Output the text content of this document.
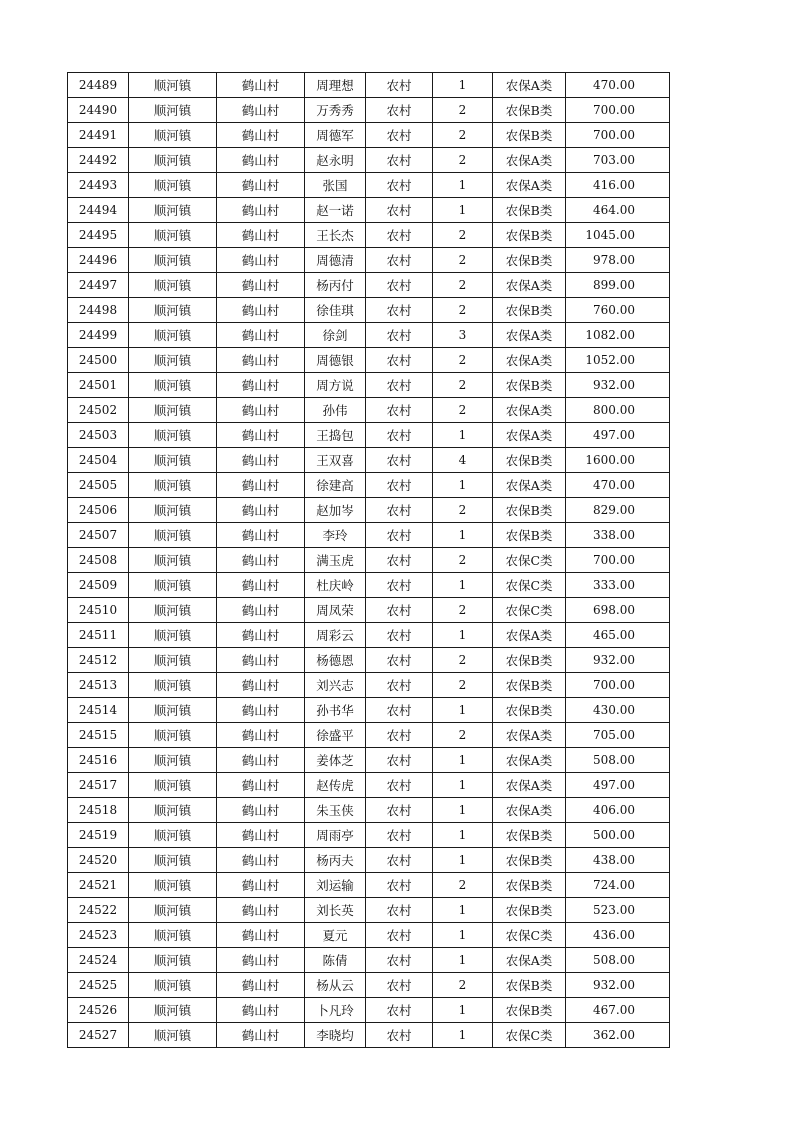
24489	顺河镇	鹤山村	周理想	农村	1	农保A类	470.00
24490	顺河镇	鹤山村	万秀秀	农村	2	农保B类	700.00
24491	顺河镇	鹤山村	周德军	农村	2	农保B类	700.00
24492	顺河镇	鹤山村	赵永明	农村	2	农保A类	703.00
24493	顺河镇	鹤山村	张国	农村	1	农保A类	416.00
24494	顺河镇	鹤山村	赵一诺	农村	1	农保B类	464.00
24495	顺河镇	鹤山村	王长杰	农村	2	农保B类	1045.00
24496	顺河镇	鹤山村	周德清	农村	2	农保B类	978.00
24497	顺河镇	鹤山村	杨丙付	农村	2	农保A类	899.00
24498	顺河镇	鹤山村	徐佳琪	农村	2	农保B类	760.00
24499	顺河镇	鹤山村	徐剑	农村	3	农保A类	1082.00
24500	顺河镇	鹤山村	周德银	农村	2	农保A类	1052.00
24501	顺河镇	鹤山村	周方说	农村	2	农保B类	932.00
24502	顺河镇	鹤山村	孙伟	农村	2	农保A类	800.00
24503	顺河镇	鹤山村	王捣包	农村	1	农保A类	497.00
24504	顺河镇	鹤山村	王双喜	农村	4	农保B类	1600.00
24505	顺河镇	鹤山村	徐建高	农村	1	农保A类	470.00
24506	顺河镇	鹤山村	赵加岑	农村	2	农保B类	829.00
24507	顺河镇	鹤山村	李玲	农村	1	农保B类	338.00
24508	顺河镇	鹤山村	满玉虎	农村	2	农保C类	700.00
24509	顺河镇	鹤山村	杜庆岭	农村	1	农保C类	333.00
24510	顺河镇	鹤山村	周凤荣	农村	2	农保C类	698.00
24511	顺河镇	鹤山村	周彩云	农村	1	农保A类	465.00
24512	顺河镇	鹤山村	杨德恩	农村	2	农保B类	932.00
24513	顺河镇	鹤山村	刘兴志	农村	2	农保B类	700.00
24514	顺河镇	鹤山村	孙书华	农村	1	农保B类	430.00
24515	顺河镇	鹤山村	徐盛平	农村	2	农保A类	705.00
24516	顺河镇	鹤山村	姜体芝	农村	1	农保A类	508.00
24517	顺河镇	鹤山村	赵传虎	农村	1	农保A类	497.00
24518	顺河镇	鹤山村	朱玉侠	农村	1	农保A类	406.00
24519	顺河镇	鹤山村	周雨亭	农村	1	农保B类	500.00
24520	顺河镇	鹤山村	杨丙夫	农村	1	农保B类	438.00
24521	顺河镇	鹤山村	刘运输	农村	2	农保B类	724.00
24522	顺河镇	鹤山村	刘长英	农村	1	农保B类	523.00
24523	顺河镇	鹤山村	夏元	农村	1	农保C类	436.00
24524	顺河镇	鹤山村	陈倩	农村	1	农保A类	508.00
24525	顺河镇	鹤山村	杨从云	农村	2	农保B类	932.00
24526	顺河镇	鹤山村	卜凡玲	农村	1	农保B类	467.00
24527	顺河镇	鹤山村	李晓均	农村	1	农保C类	362.00
